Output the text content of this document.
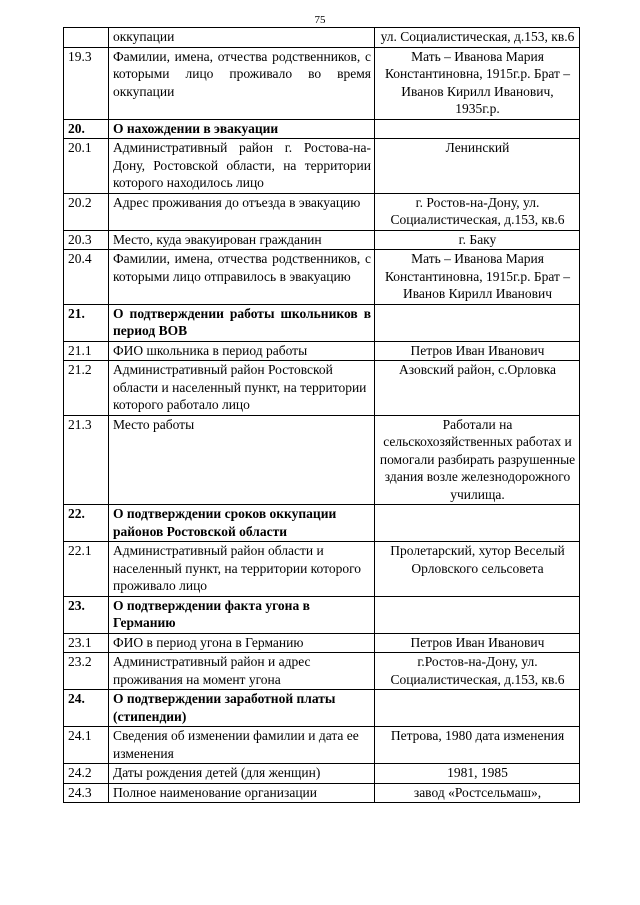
75
	оккупации	ул. Социалистическая, д.153, кв.6
19.3	Фамилии, имена, отчества родственников, с которыми лицо проживало во время оккупации	Мать – Иванова Мария Константиновна, 1915г.р. Брат – Иванов Кирилл Иванович, 1935г.р.
20.	О нахождении в эвакуации	
20.1	Административный район г. Ростова-на-Дону, Ростовской области, на территории которого находилось лицо	Ленинский
20.2	Адрес проживания до отъезда в эвакуацию	г. Ростов-на-Дону, ул. Социалистическая, д.153, кв.6
20.3	Место, куда эвакуирован гражданин	г. Баку
20.4	Фамилии, имена, отчества родственников, с которыми лицо отправилось в эвакуацию	Мать – Иванова Мария Константиновна, 1915г.р. Брат – Иванов Кирилл Иванович
21.	О подтверждении работы школьников в период ВОВ	
21.1	ФИО школьника в период работы	Петров Иван Иванович
21.2	Административный район Ростовской области и населенный пункт, на территории которого работало лицо	Азовский район, с.Орловка
21.3	Место работы	Работали на сельскохозяйственных работах и помогали разбирать разрушенные здания возле железнодорожного училища.
22.	О подтверждении сроков оккупации районов Ростовской области	
22.1	Административный район области и населенный пункт, на территории которого проживало лицо	Пролетарский, хутор Веселый Орловского сельсовета
23.	О подтверждении факта угона в Германию	
23.1	ФИО в период угона в Германию	Петров Иван Иванович
23.2	Административный район и адрес проживания на момент угона	г.Ростов-на-Дону, ул. Социалистическая, д.153, кв.6
24.	О подтверждении заработной платы (стипендии)	
24.1	Сведения об изменении фамилии и дата ее изменения	Петрова, 1980 дата изменения
24.2	Даты рождения детей (для женщин)	1981, 1985
24.3	Полное наименование организации	завод «Ростсельмаш»,
